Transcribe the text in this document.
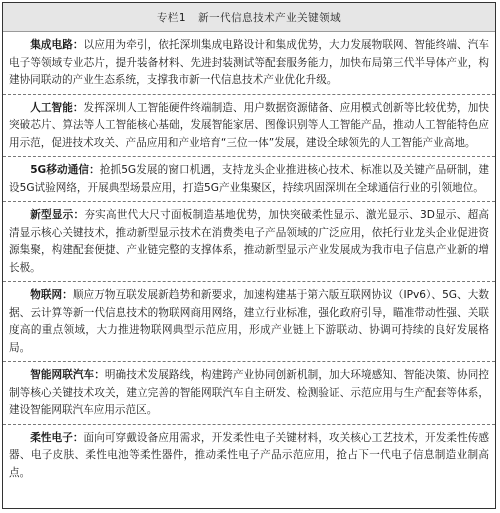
专栏1 新一代信息技术产业关键领域

集成电路：以应用为牵引，依托深圳集成电路设计和集成优势，大力发展物联网、智能终端、汽车电子等领域专业芯片，提升装备材料、先进封装测试等配套服务能力，加快布局第三代半导体产业，构建协同联动的产业生态系统，支撑我市新一代信息技术产业优化升级。

人工智能：发挥深圳人工智能硬件终端制造、用户数据资源储备、应用模式创新等比较优势，加快突破芯片、算法等人工智能核心基础，发展智能家居、图像识别等人工智能产品，推动人工智能特色应用示范，促进技术攻关、产品应用和产业培育“三位一体”发展，建设全球领先的人工智能产业高地。

5G移动通信：抢抓5G发展的窗口机遇，支持龙头企业推进核心技术、标准以及关键产品研制，建设5G试验网络，开展典型场景应用，打造5G产业集聚区，持续巩固深圳在全球通信行业的引领地位。

新型显示：夯实高世代大尺寸面板制造基地优势，加快突破柔性显示、激光显示、3D显示、超高清显示核心关键技术，推动新型显示技术在消费类电子产品领域的广泛应用，依托行业龙头企业促进资源集聚，构建配套便捷、产业链完整的支撑体系，推动新型显示产业发展成为我市电子信息产业新的增长极。

物联网：顺应万物互联发展新趋势和新要求，加速构建基于第六版互联网协议（IPv6）、5G、大数据、云计算等新一代信息技术的物联网商用网络，建立行业标准，强化政府引导，瞄准带动性强、关联度高的重点领域，大力推进物联网典型示范应用，形成产业链上下游联动、协调可持续的良好发展格局。

智能网联汽车：明确技术发展路线，构建跨产业协同创新机制，加大环境感知、智能决策、协同控制等核心关键技术攻关，建立完善的智能网联汽车自主研发、检测验证、示范应用与生产配套等体系，建设智能网联汽车应用示范区。

柔性电子：面向可穿戴设备应用需求，开发柔性电子关键材料，攻关核心工艺技术，开发柔性传感器、电子皮肤、柔性电池等柔性器件，推动柔性电子产品示范应用，抢占下一代电子信息制造业制高点。
